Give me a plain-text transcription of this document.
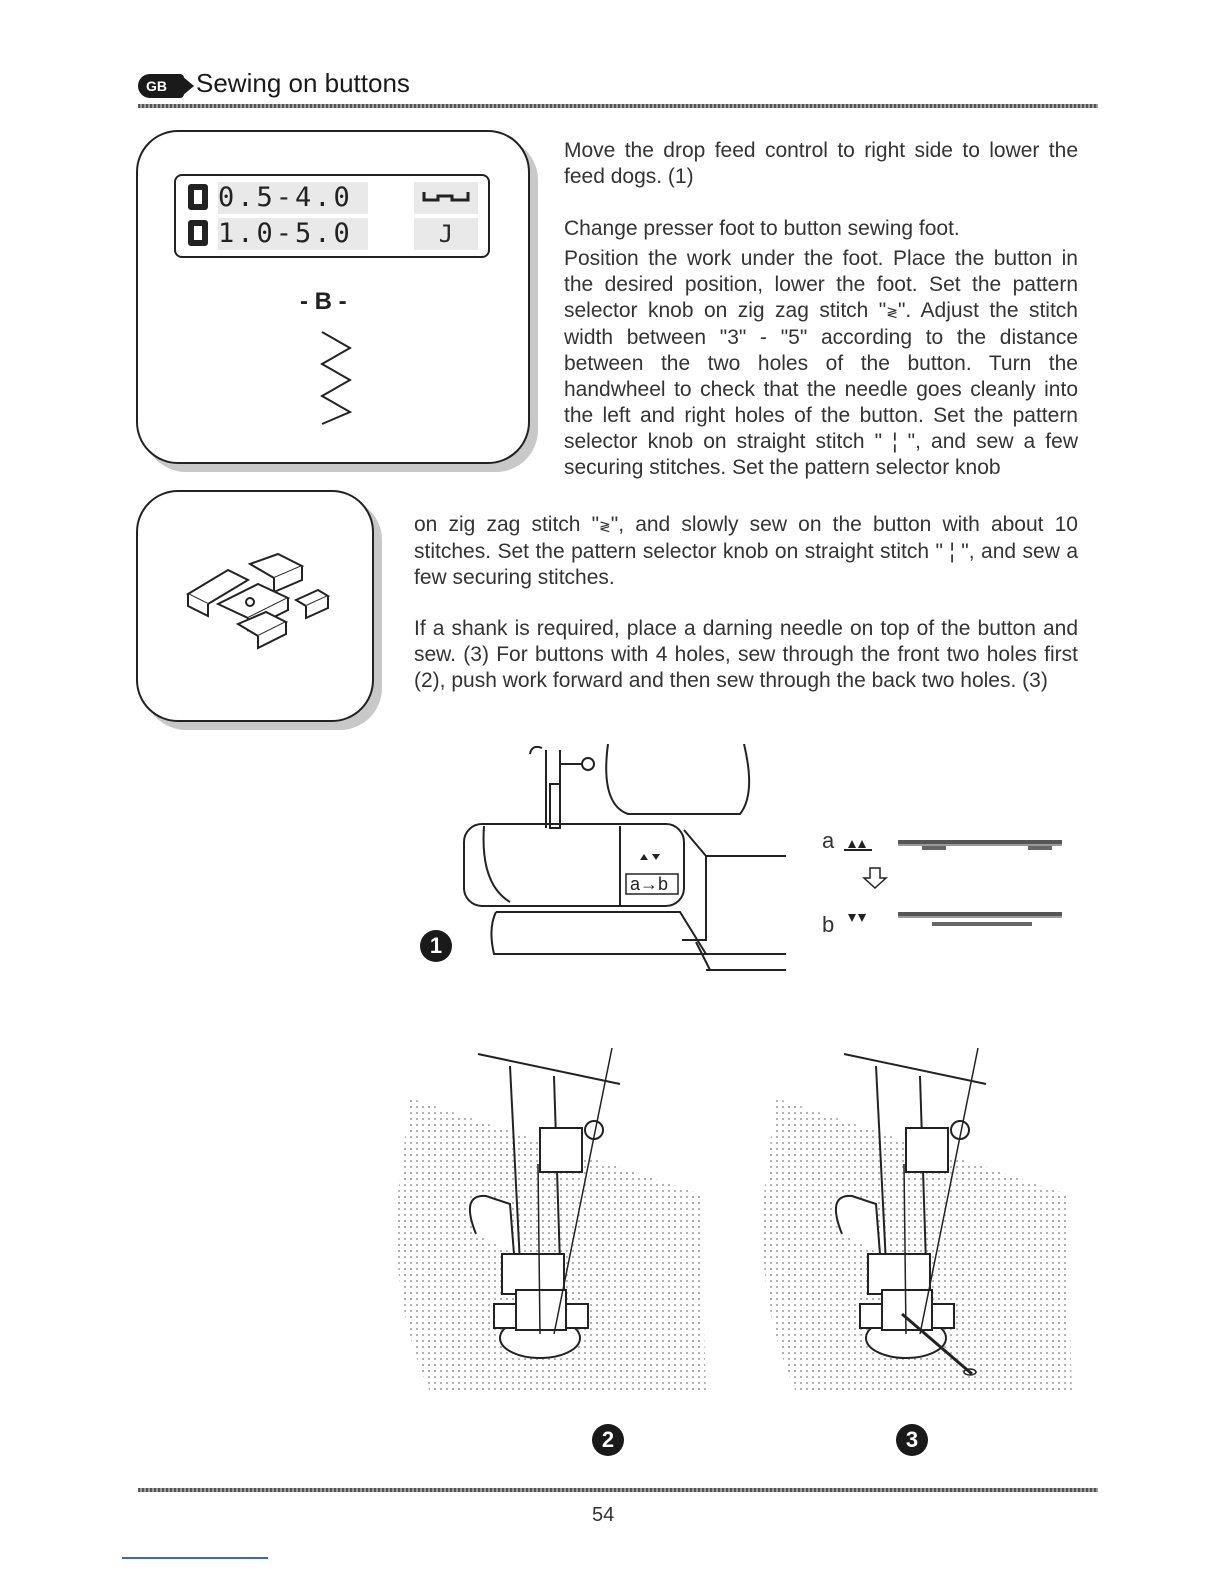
GB	Sewing on buttons
0.5-4.0
1.0-5.0	J
- B -

Move the drop feed control to right side to lower the feed dogs. (1)

Change presser foot to button sewing foot.

Position the work under the foot. Place the button in the desired position, lower the foot. Set the pattern selector knob on zig zag stitch "≷". Adjust the stitch width between "3" - "5" according to the distance between the two holes of the button. Turn the handwheel to check that the needle goes cleanly into the left and right holes of the button. Set the pattern selector knob on straight stitch " ¦ ", and sew a few securing stitches. Set the pattern selector knob

on zig zag stitch "≷", and slowly sew on the button with about 10 stitches. Set the pattern selector knob on straight stitch " ¦ ", and sew a few securing stitches.

If a shank is required, place a darning needle on top of the button and sew. (3) For buttons with 4 holes, sew through the front two holes first (2), push work forward and then sew through the back two holes. (3)

a→b
1
a
b
2	3
54
